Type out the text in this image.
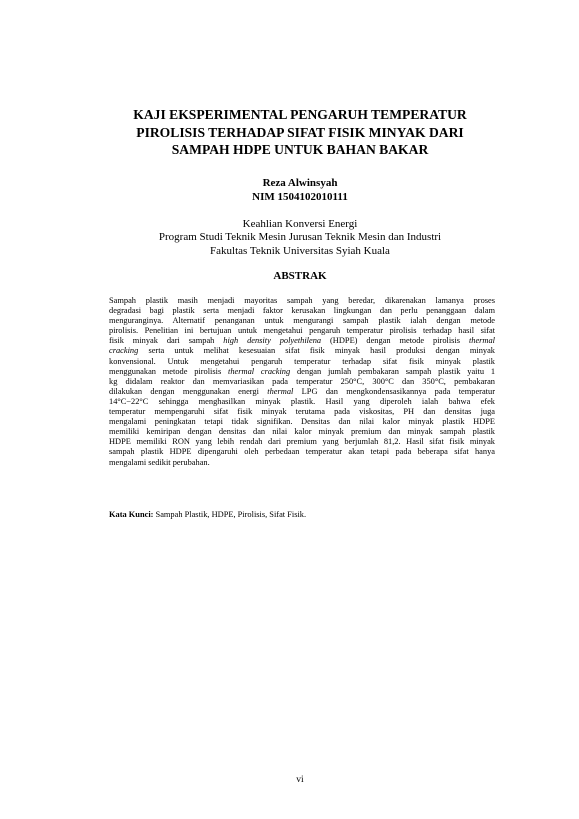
KAJI EKSPERIMENTAL PENGARUH TEMPERATUR
PIROLISIS TERHADAP SIFAT FISIK MINYAK DARI
SAMPAH HDPE UNTUK BAHAN BAKAR
Reza Alwinsyah
NIM 1504102010111
Keahlian Konversi Energi
Program Studi Teknik Mesin Jurusan Teknik Mesin dan Industri
Fakultas Teknik Universitas Syiah Kuala
ABSTRAK
Sampah plastik masih menjadi mayoritas sampah yang beredar, dikarenakan lamanya proses
degradasi bagi plastik serta menjadi faktor kerusakan lingkungan dan perlu penanggaan dalam
menguranginya. Alternatif penanganan untuk mengurangi sampah plastik ialah dengan metode
pirolisis. Penelitian ini bertujuan untuk mengetahui pengaruh temperatur pirolisis terhadap hasil sifat
fisik minyak dari sampah high density polyethilena (HDPE) dengan metode pirolisis thermal
cracking serta untuk melihat kesesuaian sifat fisik minyak hasil produksi dengan minyak
konvensional. Untuk mengetahui pengaruh temperatur terhadap sifat fisik minyak plastik
menggunakan metode pirolisis thermal cracking dengan jumlah pembakaran sampah plastik yaitu 1
kg didalam reaktor dan memvariasikan pada temperatur 250°C, 300°C dan 350°C, pembakaran
dilakukan dengan menggunakan energi thermal LPG dan mengkondensasikannya pada temperatur
14°C−22°C sehingga menghasilkan minyak plastik. Hasil yang diperoleh ialah bahwa efek
temperatur mempengaruhi sifat fisik minyak terutama pada viskositas, PH dan densitas juga
mengalami peningkatan tetapi tidak signifikan. Densitas dan nilai kalor minyak plastik HDPE
memiliki kemiripan dengan densitas dan nilai kalor minyak premium dan minyak sampah plastik
HDPE memiliki RON yang lebih rendah dari premium yang berjumlah 81,2. Hasil sifat fisik minyak
sampah plastik HDPE dipengaruhi oleh perbedaan temperatur akan tetapi pada beberapa sifat hanya
mengalami sedikit perubahan.
Kata Kunci: Sampah Plastik, HDPE, Pirolisis, Sifat Fisik.
vi
